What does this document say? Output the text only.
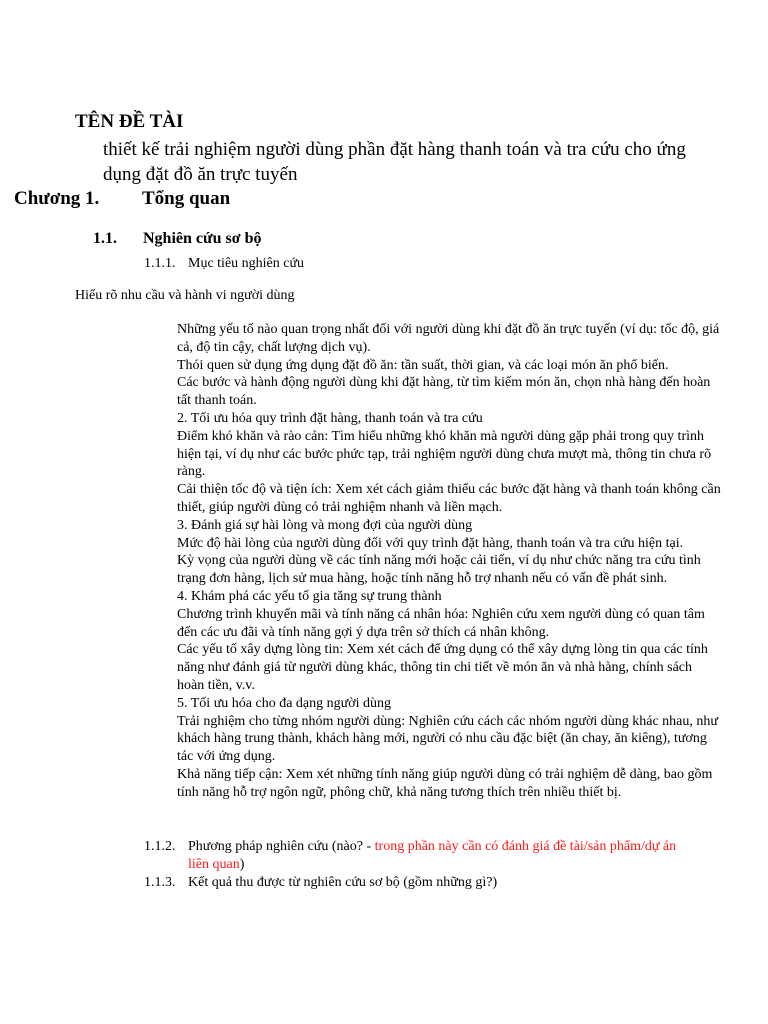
TÊN ĐỀ TÀI
thiết kế trải nghiệm người dùng phần đặt hàng thanh toán và tra cứu cho ứng dụng đặt đồ ăn trực tuyến
Chương 1. Tổng quan
1.1. Nghiên cứu sơ bộ
1.1.1. Mục tiêu nghiên cứu
Hiểu rõ nhu cầu và hành vi người dùng

Những yếu tố nào quan trọng nhất đối với người dùng khi đặt đồ ăn trực tuyến (ví dụ: tốc độ, giá cả, độ tin cậy, chất lượng dịch vụ).

Thói quen sử dụng ứng dụng đặt đồ ăn: tần suất, thời gian, và các loại món ăn phổ biến.

Các bước và hành động người dùng khi đặt hàng, từ tìm kiếm món ăn, chọn nhà hàng đến hoàn tất thanh toán.

2. Tối ưu hóa quy trình đặt hàng, thanh toán và tra cứu

Điểm khó khăn và rào cản: Tìm hiểu những khó khăn mà người dùng gặp phải trong quy trình hiện tại, ví dụ như các bước phức tạp, trải nghiệm người dùng chưa mượt mà, thông tin chưa rõ ràng.

Cải thiện tốc độ và tiện ích: Xem xét cách giảm thiểu các bước đặt hàng và thanh toán không cần thiết, giúp người dùng có trải nghiệm nhanh và liền mạch.

3. Đánh giá sự hài lòng và mong đợi của người dùng

Mức độ hài lòng của người dùng đối với quy trình đặt hàng, thanh toán và tra cứu hiện tại.

Kỳ vọng của người dùng về các tính năng mới hoặc cải tiến, ví dụ như chức năng tra cứu tình trạng đơn hàng, lịch sử mua hàng, hoặc tính năng hỗ trợ nhanh nếu có vấn đề phát sinh.

4. Khám phá các yếu tố gia tăng sự trung thành

Chương trình khuyến mãi và tính năng cá nhân hóa: Nghiên cứu xem người dùng có quan tâm đến các ưu đãi và tính năng gợi ý dựa trên sở thích cá nhân không.

Các yếu tố xây dựng lòng tin: Xem xét cách để ứng dụng có thể xây dựng lòng tin qua các tính năng như đánh giá từ người dùng khác, thông tin chi tiết về món ăn và nhà hàng, chính sách hoàn tiền, v.v.

5. Tối ưu hóa cho đa dạng người dùng

Trải nghiệm cho từng nhóm người dùng: Nghiên cứu cách các nhóm người dùng khác nhau, như khách hàng trung thành, khách hàng mới, người có nhu cầu đặc biệt (ăn chay, ăn kiêng), tương tác với ứng dụng.

Khả năng tiếp cận: Xem xét những tính năng giúp người dùng có trải nghiệm dễ dàng, bao gồm tính năng hỗ trợ ngôn ngữ, phông chữ, khả năng tương thích trên nhiều thiết bị.

1.1.2. Phương pháp nghiên cứu (nào? - trong phần này cần có đánh giá đề tài/sản phẩm/dự án
liên quan)
1.1.3. Kết quả thu được từ nghiên cứu sơ bộ (gồm những gì?)
